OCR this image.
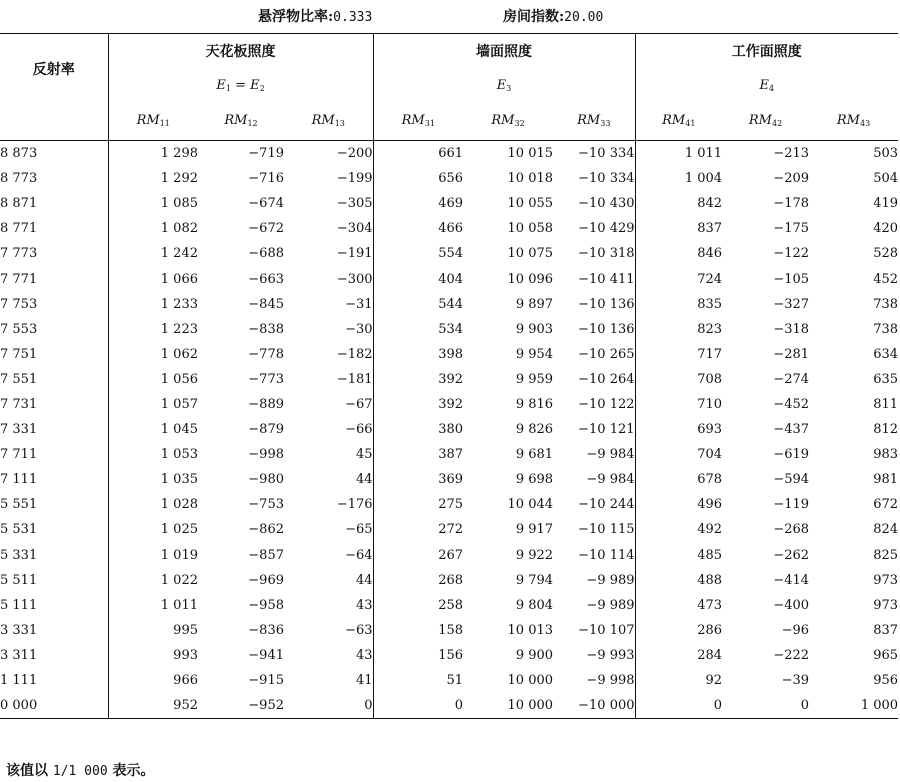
悬浮物比率:0.333	房间指数:20.00
反射率	天花板照度			墙面照度			工作面照度		
	$E_1 = E_2$			$E_3$			$E_4$
	$RM_{11}$	$RM_{12}$	$RM_{13}$	$RM_{31}$	$RM_{32}$	$RM_{33}$	$RM_{41}$	$RM_{42}$	$RM_{43}$
8 873	1 298	−719	−200	661	10 015	−10 334	1 011	−213	503
8 773	1 292	−716	−199	656	10 018	−10 334	1 004	−209	504
8 871	1 085	−674	−305	469	10 055	−10 430	842	−178	419
8 771	1 082	−672	−304	466	10 058	−10 429	837	−175	420
7 773	1 242	−688	−191	554	10 075	−10 318	846	−122	528
7 771	1 066	−663	−300	404	10 096	−10 411	724	−105	452
7 753	1 233	−845	−31	544	9 897	−10 136	835	−327	738
7 553	1 223	−838	−30	534	9 903	−10 136	823	−318	738
7 751	1 062	−778	−182	398	9 954	−10 265	717	−281	634
7 551	1 056	−773	−181	392	9 959	−10 264	708	−274	635
7 731	1 057	−889	−67	392	9 816	−10 122	710	−452	811
7 331	1 045	−879	−66	380	9 826	−10 121	693	−437	812
7 711	1 053	−998	45	387	9 681	−9 984	704	−619	983
7 111	1 035	−980	44	369	9 698	−9 984	678	−594	981
5 551	1 028	−753	−176	275	10 044	−10 244	496	−119	672
5 531	1 025	−862	−65	272	9 917	−10 115	492	−268	824
5 331	1 019	−857	−64	267	9 922	−10 114	485	−262	825
5 511	1 022	−969	44	268	9 794	−9 989	488	−414	973
5 111	1 011	−958	43	258	9 804	−9 989	473	−400	973
3 331	995	−836	−63	158	10 013	−10 107	286	−96	837
3 311	993	−941	43	156	9 900	−9 993	284	−222	965
1 111	966	−915	41	51	10 000	−9 998	92	−39	956
0 000	952	−952	0	0	10 000	−10 000	0	0	1 000
该值以 1/1 000 表示。
